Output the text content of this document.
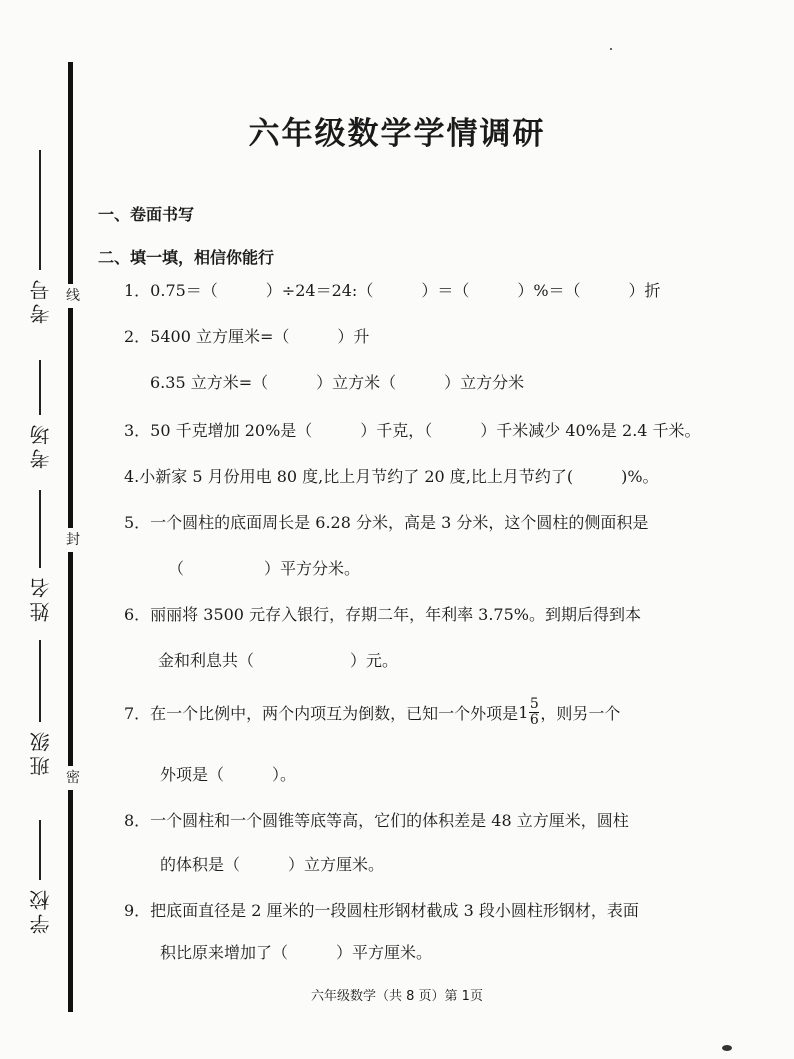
线
封
密
考号
考场
姓名
班级
学校
六年级数学学情调研
一、卷面书写
二、填一填，相信你能行
1．0.75＝（　　　）÷24＝24:（　　　）＝（　　　）%＝（　　　）折
2．5400 立方厘米=（　　　）升
6.35 立方米=（　　　）立方米（　　　）立方分米
3．50 千克增加 20%是（　　　）千克，（　　　）千米减少 40%是 2.4 千米。
4.小新家 5 月份用电 80 度,比上月节约了 20 度,比上月节约了(　　　)%。
5．一个圆柱的底面周长是 6.28 分米，高是 3 分米，这个圆柱的侧面积是
（　　　　　）平方分米。
6．丽丽将 3500 元存入银行，存期二年，年利率 3.75%。到期后得到本
金和利息共（　　　　　　）元。
7．在一个比例中，两个内项互为倒数，已知一个外项是 $1 \frac{5}{6}$ ，则另一个
外项是（　　　）。
8．一个圆柱和一个圆锥等底等高，它们的体积差是 48 立方厘米，圆柱
的体积是（　　　）立方厘米。
9．把底面直径是 2 厘米的一段圆柱形钢材截成 3 段小圆柱形钢材，表面
积比原来增加了（　　　）平方厘米。
六年级数学（共 8 页）第 1页
